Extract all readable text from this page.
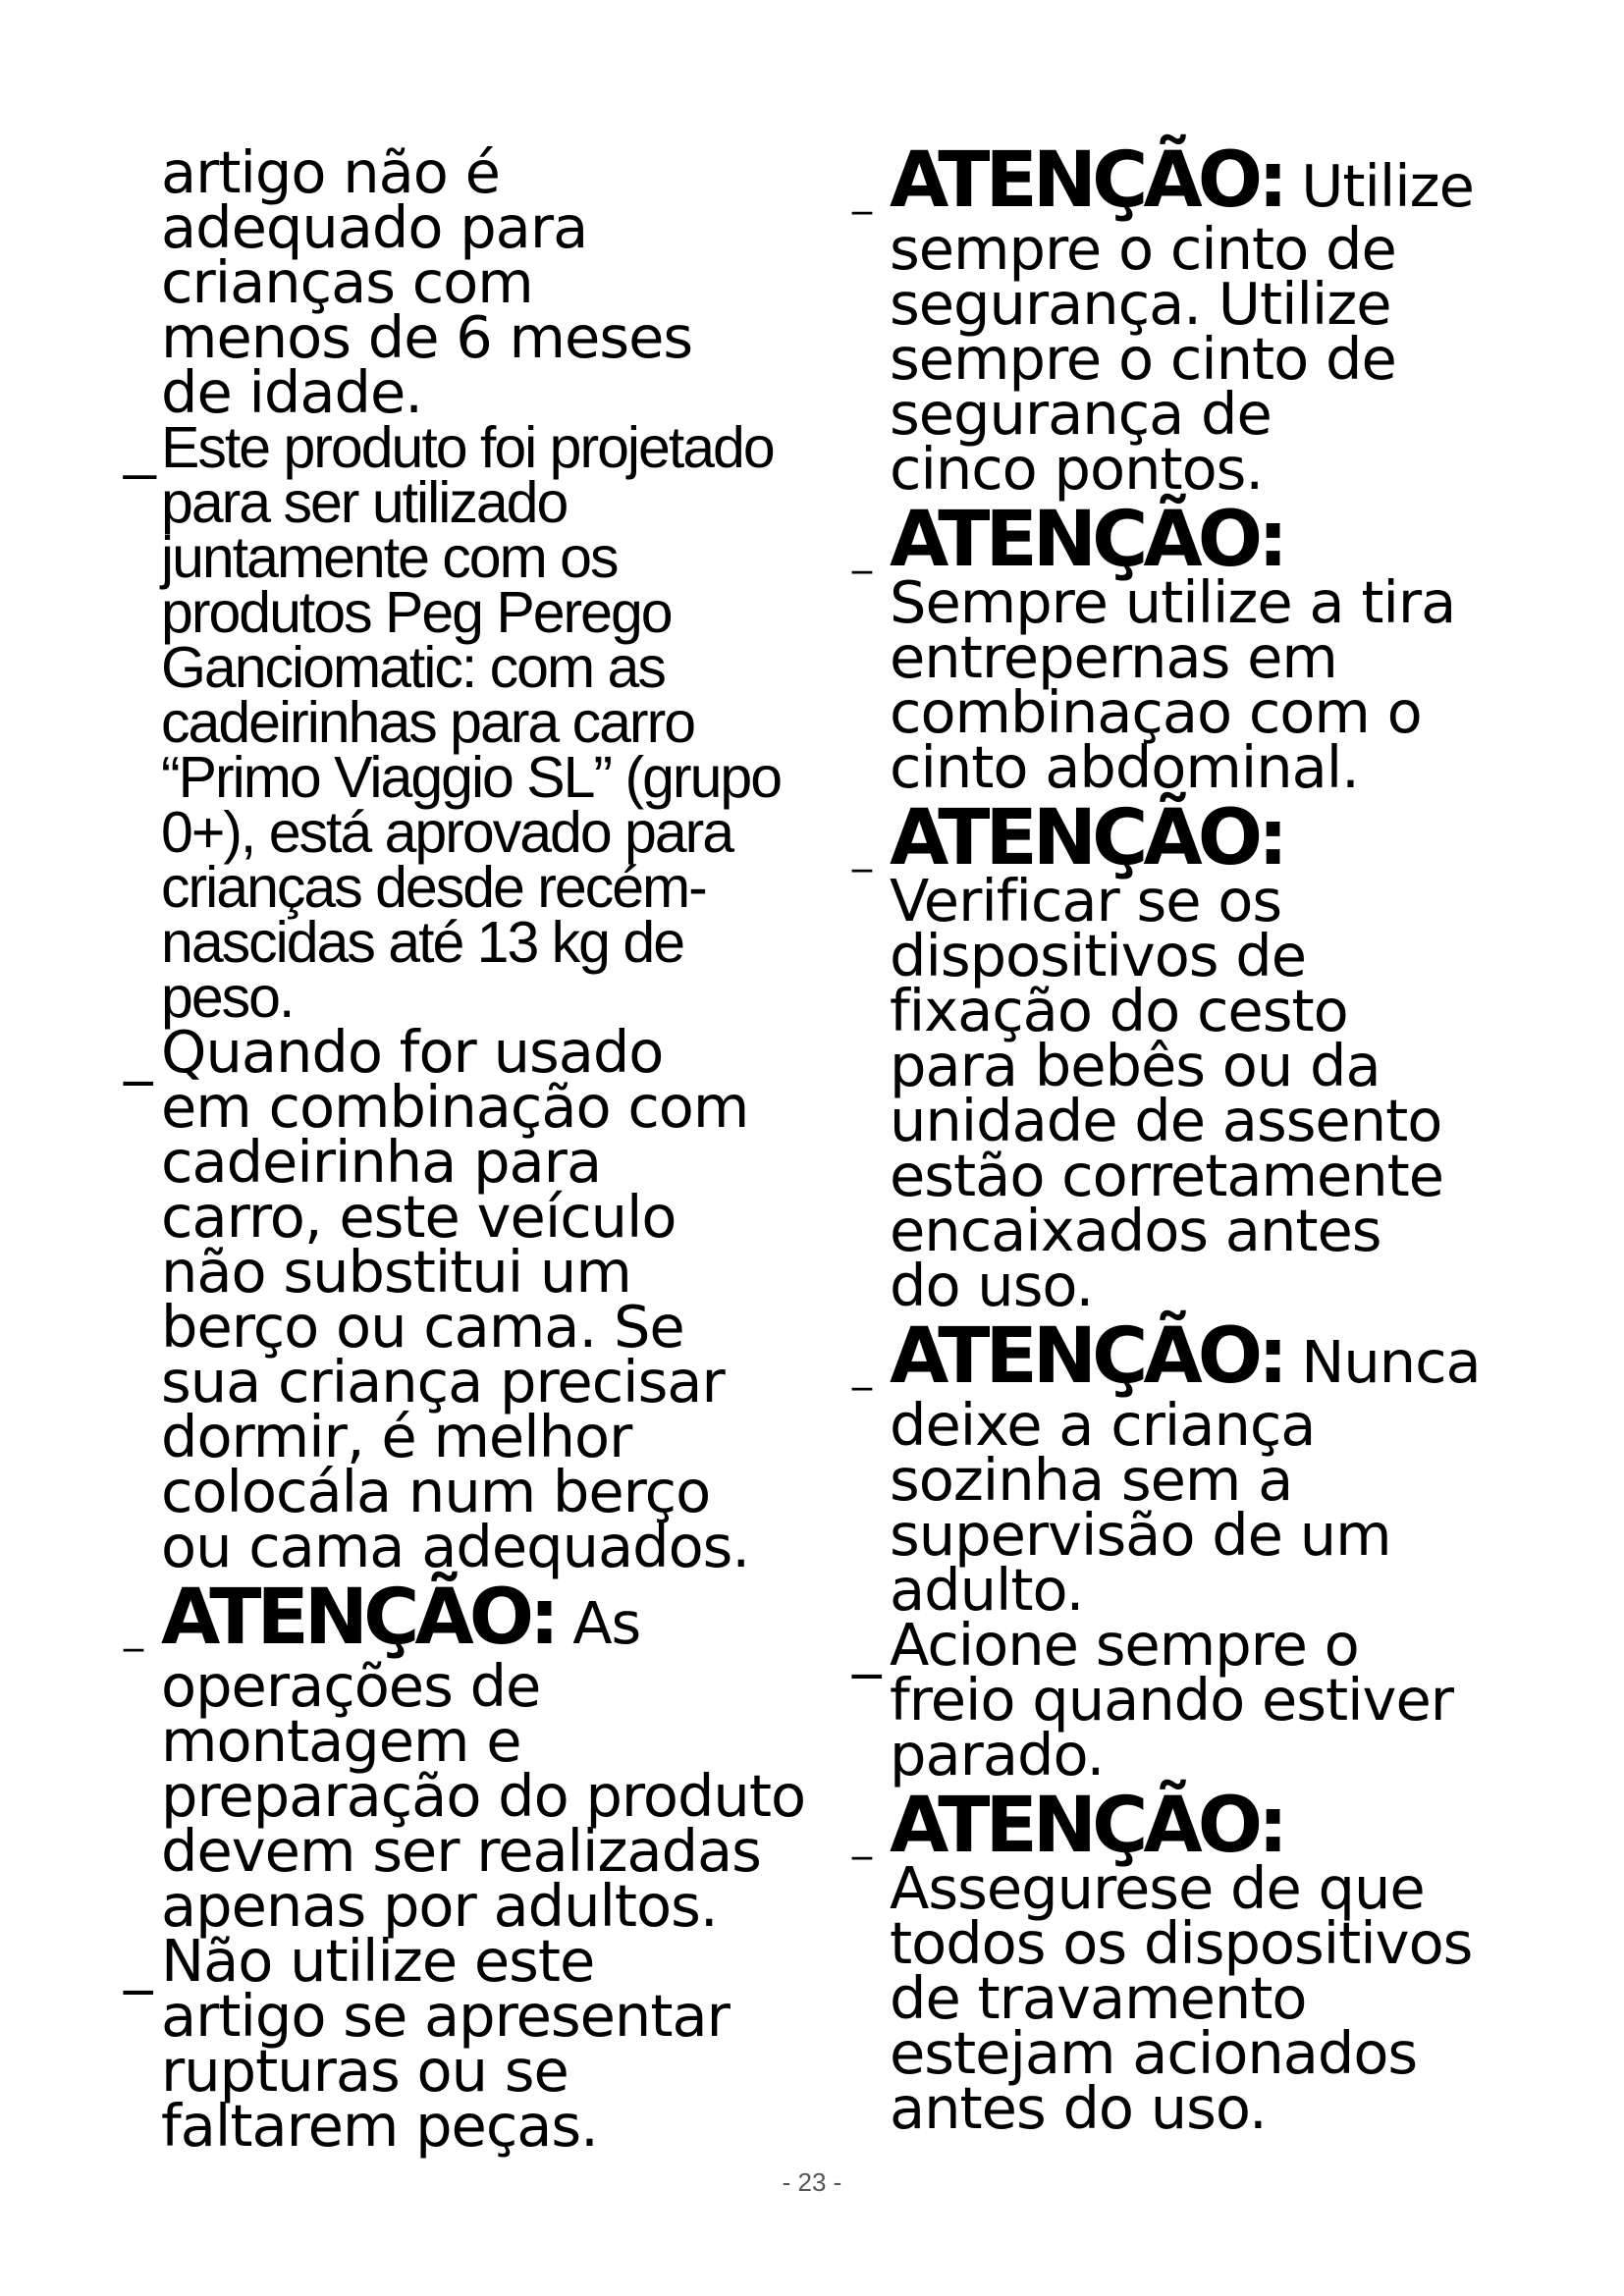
artigo não é adequado para crianças com menos de 6 meses de idade.

_ Este produto foi projetado para ser utilizado juntamente com os produtos Peg Perego Ganciomatic: com as cadeirinhas para carro “Primo Viaggio SL” (grupo 0+), está aprovado para crianças desde recém-nascidas até 13 kg de peso.

_ Quando for usado em combinação com cadeirinha para carro, este veículo não substitui um berço ou cama. Se sua criança precisar dormir, é melhor colocála num berço ou cama adequados.

_ ATENÇÃO: As
operações de montagem e preparação do produto devem ser realizadas apenas por adultos.

_ Não utilize este artigo se apresentar rupturas ou se faltarem peças.

_ ATENÇÃO: Utilize
sempre o cinto de segurança. Utilize sempre o cinto de segurança de cinco pontos.
_ ATENÇÃO:
Sempre utilize a tira entrepernas em combinaçao com o cinto abdominal.
_ ATENÇÃO:
Verificar se os dispositivos de fixação do cesto para bebês ou da unidade de assento estão corretamente encaixados antes do uso.
_ ATENÇÃO: Nunca
deixe a criança sozinha sem a supervisão de um adulto.

_ Acione sempre o freio quando estiver parado.

_ ATENÇÃO:
Assegurese de que todos os dispositivos de travamento estejam acionados antes do uso.
- 23 -
